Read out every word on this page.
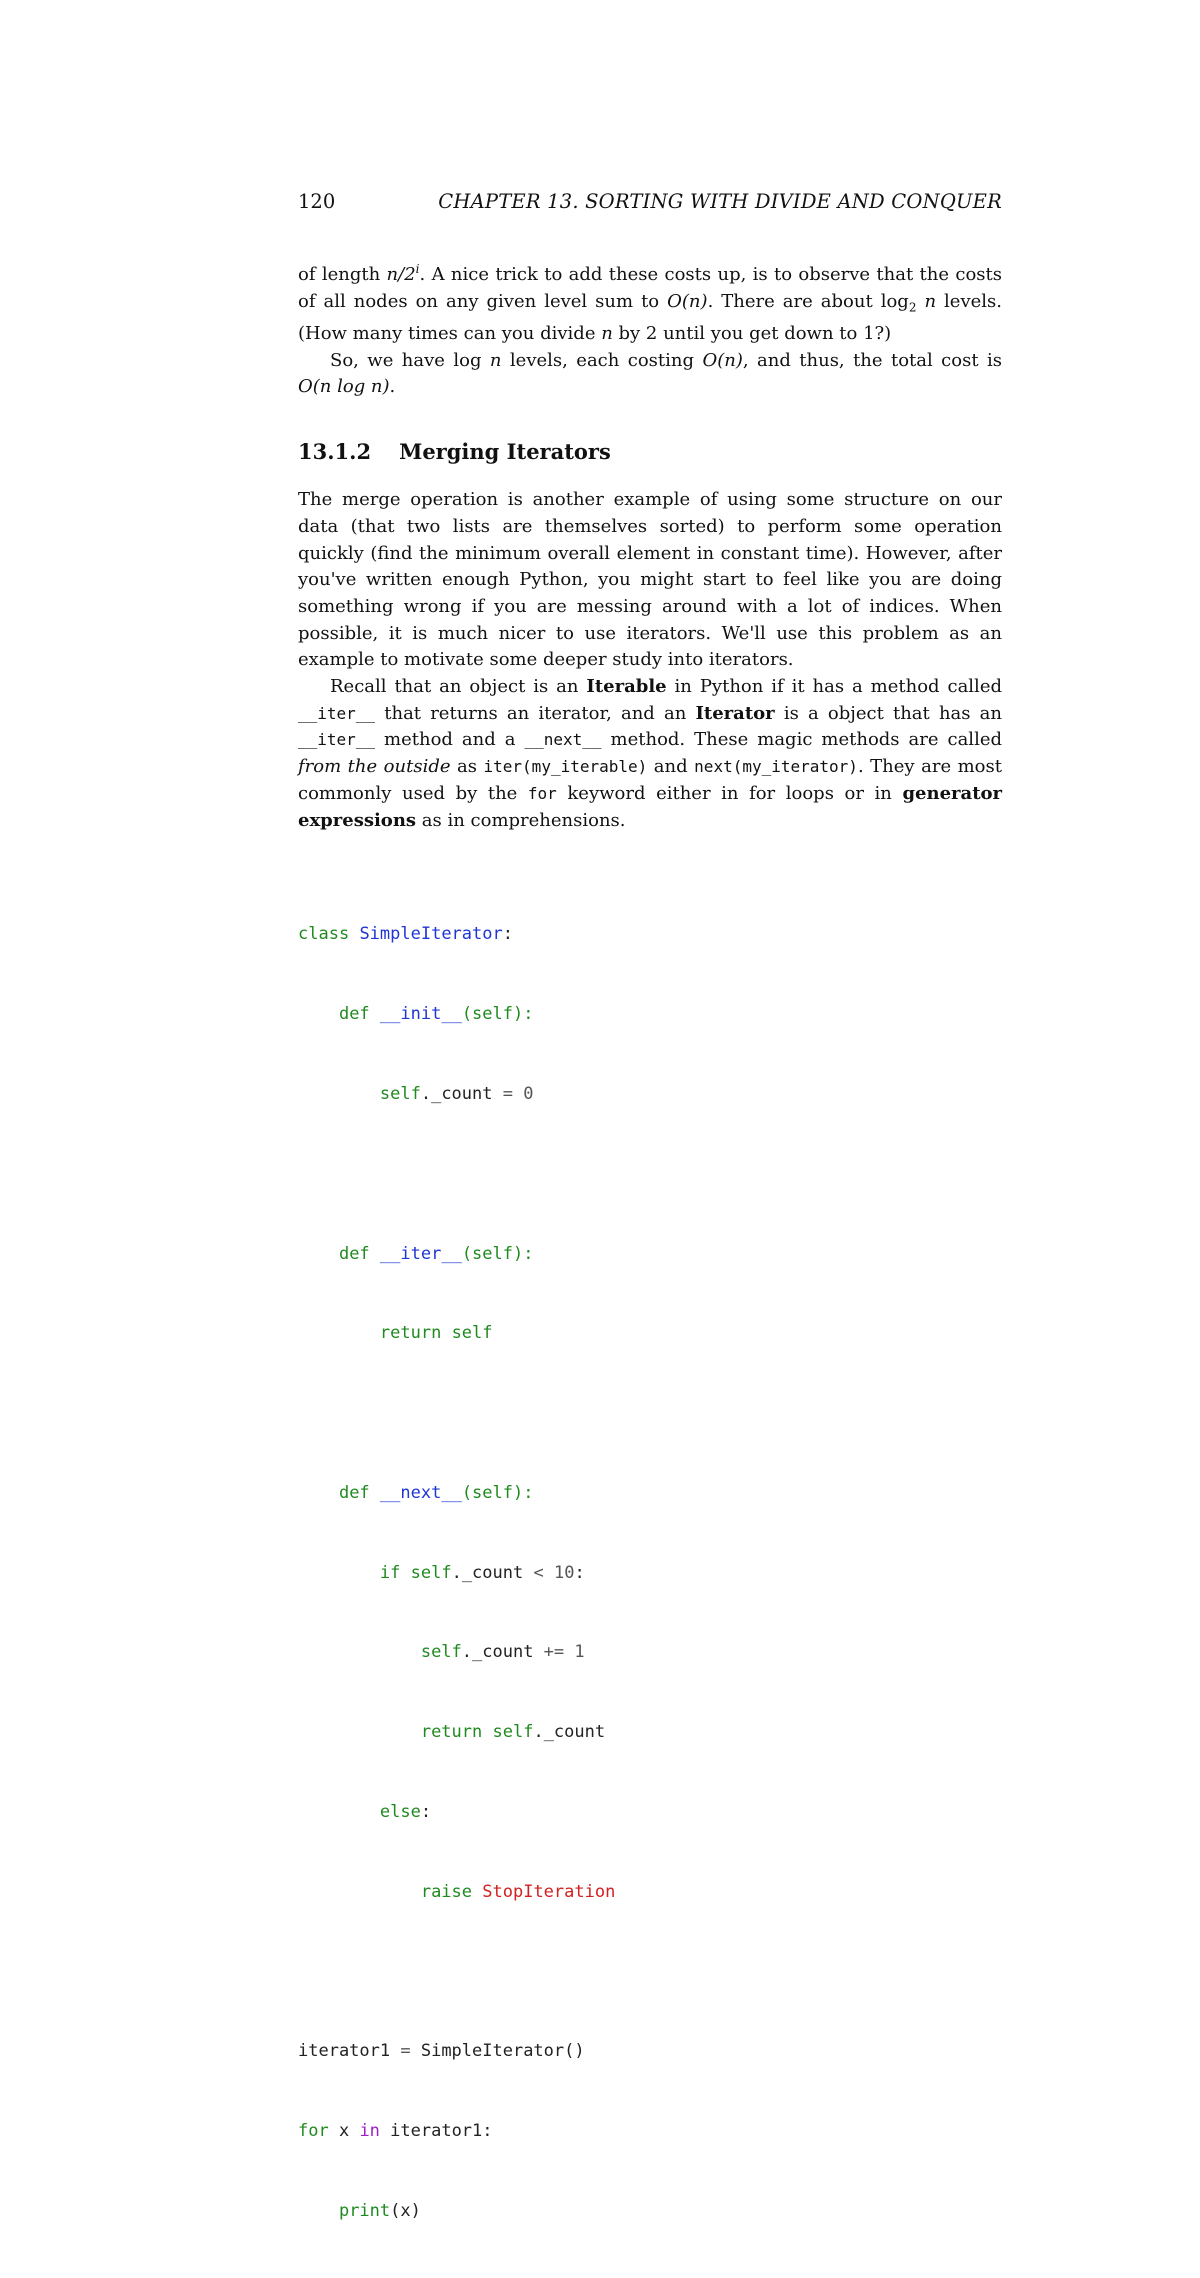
120	CHAPTER 13. SORTING WITH DIVIDE AND CONQUER

of length n/2$^i$. A nice trick to add these costs up, is to observe that the costs of all nodes on any given level sum to O(n). There are about $\log_2 n$ levels. (How many times can you divide n by 2 until you get down to 1?)

So, we have log n levels, each costing O(n), and thus, the total cost is O(n log n).

13.1.2 Merging Iterators

The merge operation is another example of using some structure on our data (that two lists are themselves sorted) to perform some operation quickly (find the minimum overall element in constant time). However, after you've written enough Python, you might start to feel like you are doing something wrong if you are messing around with a lot of indices. When possible, it is much nicer to use iterators. We'll use this problem as an example to motivate some deeper study into iterators.

Recall that an object is an Iterable in Python if it has a method called __iter__ that returns an iterator, and an Iterator is a object that has an __iter__ method and a __next__ method. These magic methods are called from the outside as iter(my_iterable) and next(my_iterator). They are most commonly used by the for keyword either in for loops or in generator expressions as in comprehensions.

class SimpleIterator:

def __init__(self):

self._count = 0

def __iter__(self):

return self

def __next__(self):

if self._count < 10:

self._count += 1

return self._count

else:

raise StopIteration

iterator1 = SimpleIterator()

for x in iterator1:

print(x)
